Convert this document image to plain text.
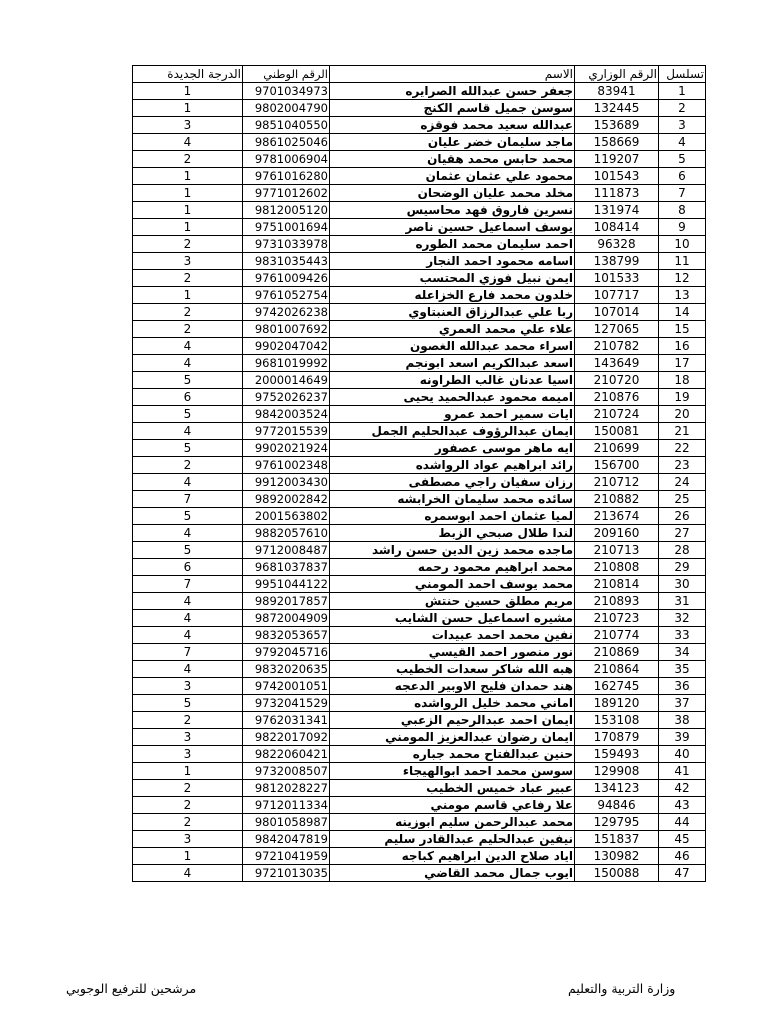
الدرجة الجديدة	الرقم الوطني	الاسم	الرقم الوزاري	تسلسل
1	9701034973	جعفر حسن عبدالله الصرايره	83941	1
1	9802004790	سوسن جميل قاسم الكنج	132445	2
3	9851040550	عبدالله سعيد محمد فوقزه	153689	3
4	9861025046	ماجد سليمان خضر عليان	158669	4
2	9781006904	محمد حابس محمد هقيان	119207	5
1	9761016280	محمود علي عثمان عثمان	101543	6
1	9771012602	مخلد محمد عليان الوضحان	111873	7
1	9812005120	نسرين فاروق فهد محاسيس	131974	8
1	9751001694	يوسف اسماعيل حسين ناصر	108414	9
2	9731033978	احمد سليمان محمد الطوره	96328	10
3	9831035443	اسامه محمود احمد النجار	138799	11
2	9761009426	ايمن نبيل فوزي المحتسب	101533	12
1	9761052754	خلدون محمد فارع الخزاعله	107717	13
2	9742026238	ربا علي عبدالرزاق العنبتاوي	107014	14
2	9801007692	علاء علي محمد العمري	127065	15
4	9902047042	اسراء محمد عبدالله الغصون	210782	16
4	9681019992	اسعد عبدالكريم اسعد ابونجم	143649	17
5	2000014649	اسيا عدنان غالب الطراونه	210720	18
6	9752026237	اميمه محمود عبدالحميد يحيى	210876	19
5	9842003524	ايات سمير احمد عمرو	210724	20
4	9772015539	ايمان عبدالرؤوف عبدالحليم الجمل	150081	21
5	9902021924	ايه ماهر موسى عصفور	210699	22
2	9761002348	رائد ابراهيم عواد الرواشده	156700	23
4	9912003430	رزان سفيان راجي مصطفى	210712	24
7	9892002842	سائده محمد سليمان الخرابشه	210882	25
5	2001563802	لميا عثمان احمد ابوسمره	213674	26
4	9882057610	لندا طلال صبحي الزبط	209160	27
5	9712008487	ماجده محمد زين الدين حسن راشد	210713	28
6	9681037837	محمد ابراهيم محمود رحمه	210808	29
7	9951044122	محمد يوسف احمد المومني	210814	30
4	9892017857	مريم مطلق حسين حنتش	210893	31
4	9872004909	مشيره اسماعيل حسن الشايب	210723	32
4	9832053657	نفين محمد احمد عبيدات	210774	33
7	9792045716	نور منصور احمد القيسي	210869	34
4	9832020635	هبه الله شاكر سعدات الخطيب	210864	35
3	9742001051	هند حمدان فليح الاوبير الدعجه	162745	36
5	9732041529	اماني محمد خليل الرواشده	189120	37
2	9762031341	ايمان احمد عبدالرحيم الزعبي	153108	38
3	9822017092	ايمان رضوان عبدالعزيز المومني	170879	39
3	9822060421	حنين عبدالفتاح محمد جباره	159493	40
1	9732008507	سوسن محمد احمد ابوالهيجاء	129908	41
2	9812028227	عبير عباد خميس الخطيب	134123	42
2	9712011334	علا رفاعي قاسم مومني	94846	43
2	9801058987	محمد عبدالرحمن سليم ابوزينه	129795	44
3	9842047819	نيفين عبدالحليم عبدالقادر سليم	151837	45
1	9721041959	اياد صلاح الدين ابراهيم كباجه	130982	46
4	9721013035	ايوب جمال محمد القاضي	150088	47
مرشحين للترفيع الوجوبي	وزارة التربية والتعليم
